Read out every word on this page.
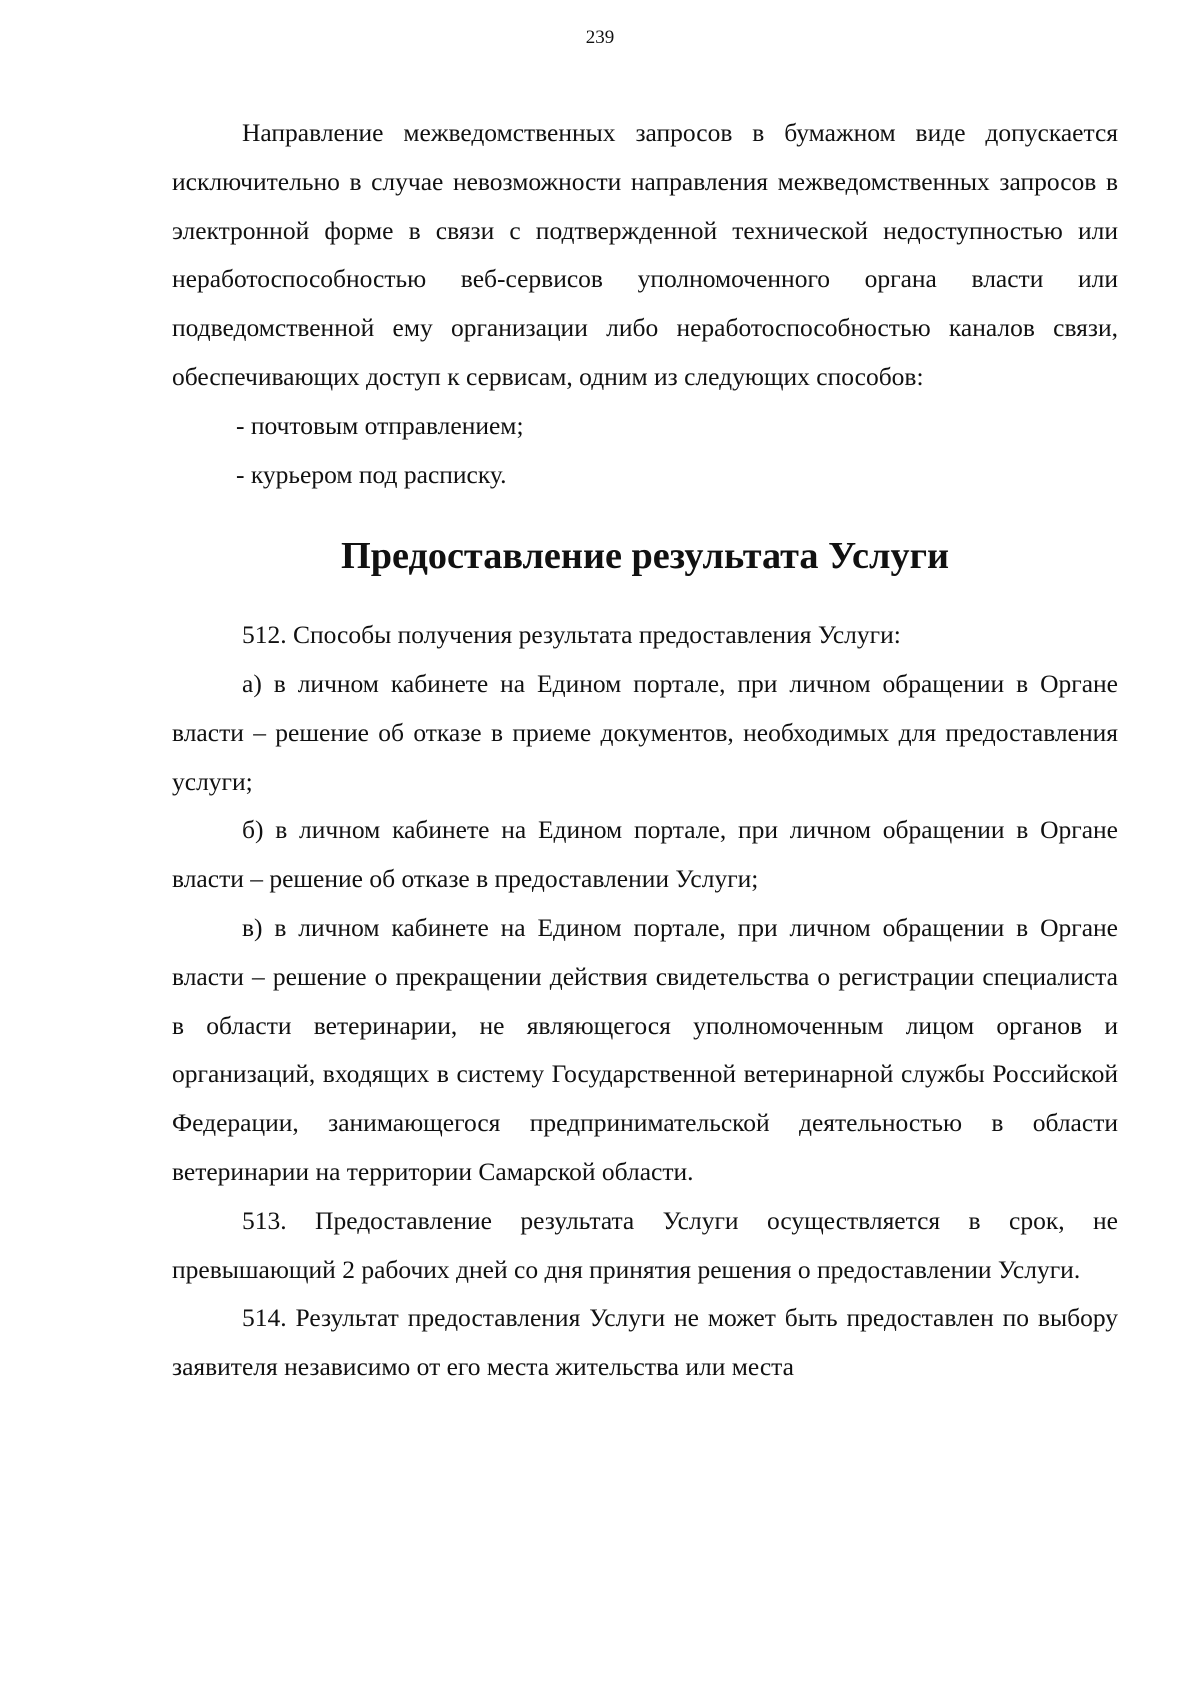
239

Направление межведомственных запросов в бумажном виде допускается исключительно в случае невозможности направления межведомственных запросов в электронной форме в связи с подтвержденной технической недоступностью или неработоспособностью веб-сервисов уполномоченного органа власти или подведомственной ему организации либо неработоспособностью каналов связи, обеспечивающих доступ к сервисам, одним из следующих способов:

- почтовым отправлением;

- курьером под расписку.

Предоставление результата Услуги

512. Способы получения результата предоставления Услуги:

а) в личном кабинете на Едином портале, при личном обращении в Органе власти – решение об отказе в приеме документов, необходимых для предоставления услуги;

б) в личном кабинете на Едином портале, при личном обращении в Органе власти – решение об отказе в предоставлении Услуги;

в) в личном кабинете на Едином портале, при личном обращении в Органе власти – решение о прекращении действия свидетельства о регистрации специалиста в области ветеринарии, не являющегося уполномоченным лицом органов и организаций, входящих в систему Государственной ветеринарной службы Российской Федерации, занимающегося предпринимательской деятельностью в области ветеринарии на территории Самарской области.

513. Предоставление результата Услуги осуществляется в срок, не превышающий 2 рабочих дней со дня принятия решения о предоставлении Услуги.

514. Результат предоставления Услуги не может быть предоставлен по выбору заявителя независимо от его места жительства или места
